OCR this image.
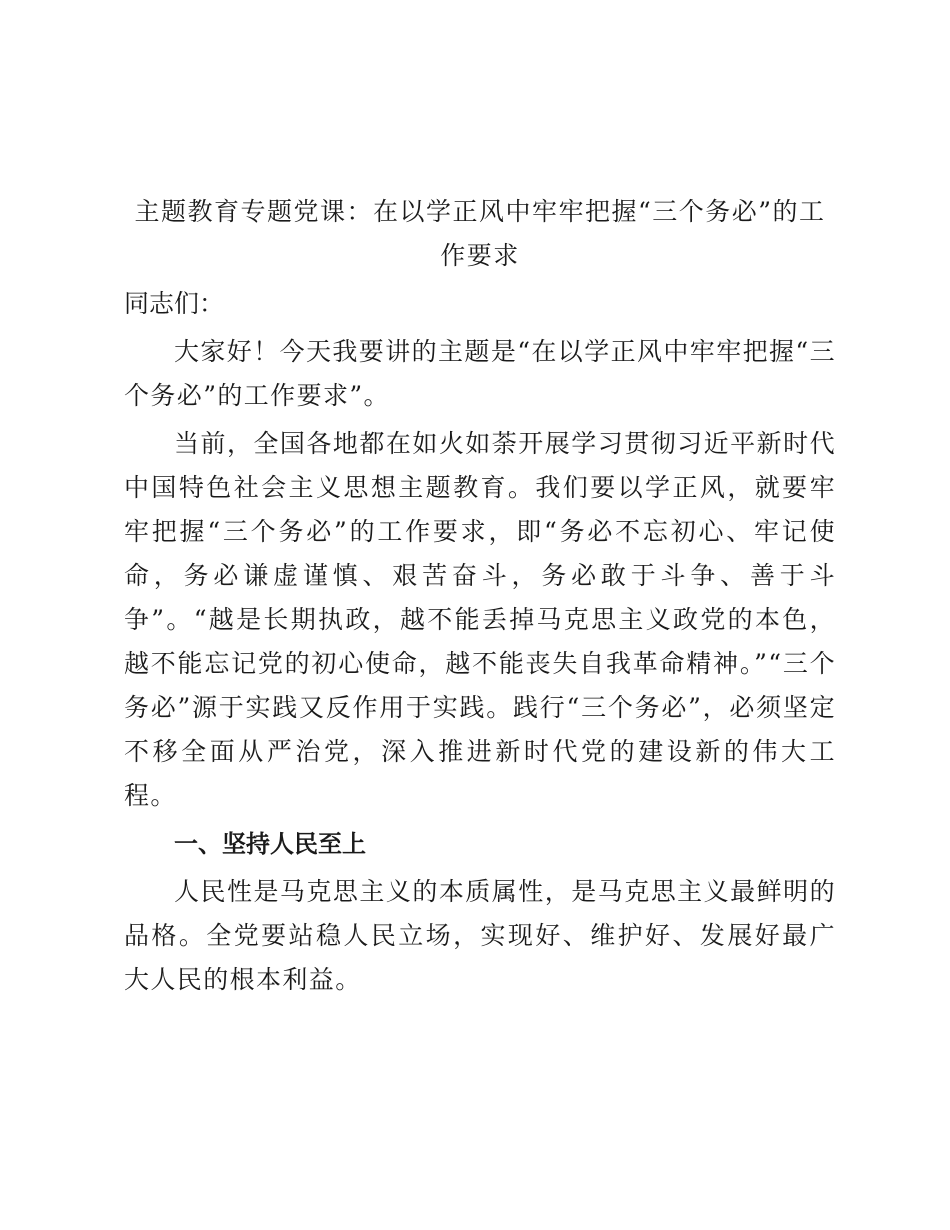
主题教育专题党课：在以学正风中牢牢把握“三个务必”的工作要求

同志们：

大家好！今天我要讲的主题是“在以学正风中牢牢把握“三个务必”的工作要求”。

当前，全国各地都在如火如荼开展学习贯彻习近平新时代中国特色社会主义思想主题教育。我们要以学正风，就要牢牢把握“三个务必”的工作要求，即“务必不忘初心、牢记使命，务必谦虚谨慎、艰苦奋斗，务必敢于斗争、善于斗争”。“越是长期执政，越不能丢掉马克思主义政党的本色，越不能忘记党的初心使命，越不能丧失自我革命精神。”“三个务必”源于实践又反作用于实践。践行“三个务必”，必须坚定不移全面从严治党，深入推进新时代党的建设新的伟大工程。

一、坚持人民至上

人民性是马克思主义的本质属性，是马克思主义最鲜明的品格。全党要站稳人民立场，实现好、维护好、发展好最广大人民的根本利益。
